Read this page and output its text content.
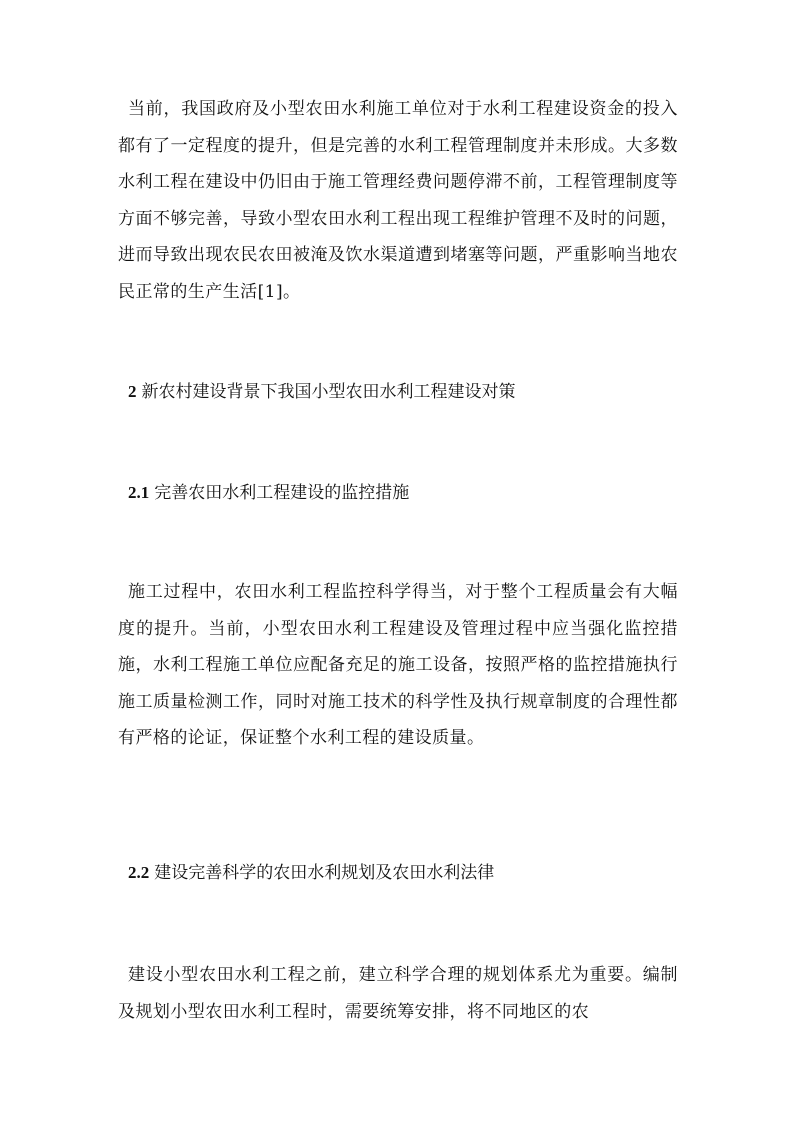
当前，我国政府及小型农田水利施工单位对于水利工程建设资金的投入都有了一定程度的提升，但是完善的水利工程管理制度并未形成。大多数水利工程在建设中仍旧由于施工管理经费问题停滞不前，工程管理制度等方面不够完善，导致小型农田水利工程出现工程维护管理不及时的问题，进而导致出现农民农田被淹及饮水渠道遭到堵塞等问题，严重影响当地农民正常的生产生活[1]。

2 新农村建设背景下我国小型农田水利工程建设对策
2.1 完善农田水利工程建设的监控措施

施工过程中，农田水利工程监控科学得当，对于整个工程质量会有大幅度的提升。当前，小型农田水利工程建设及管理过程中应当强化监控措施，水利工程施工单位应配备充足的施工设备，按照严格的监控措施执行施工质量检测工作，同时对施工技术的科学性及执行规章制度的合理性都有严格的论证，保证整个水利工程的建设质量。

2.2 建设完善科学的农田水利规划及农田水利法律

建设小型农田水利工程之前，建立科学合理的规划体系尤为重要。编制及规划小型农田水利工程时，需要统筹安排，将不同地区的农
